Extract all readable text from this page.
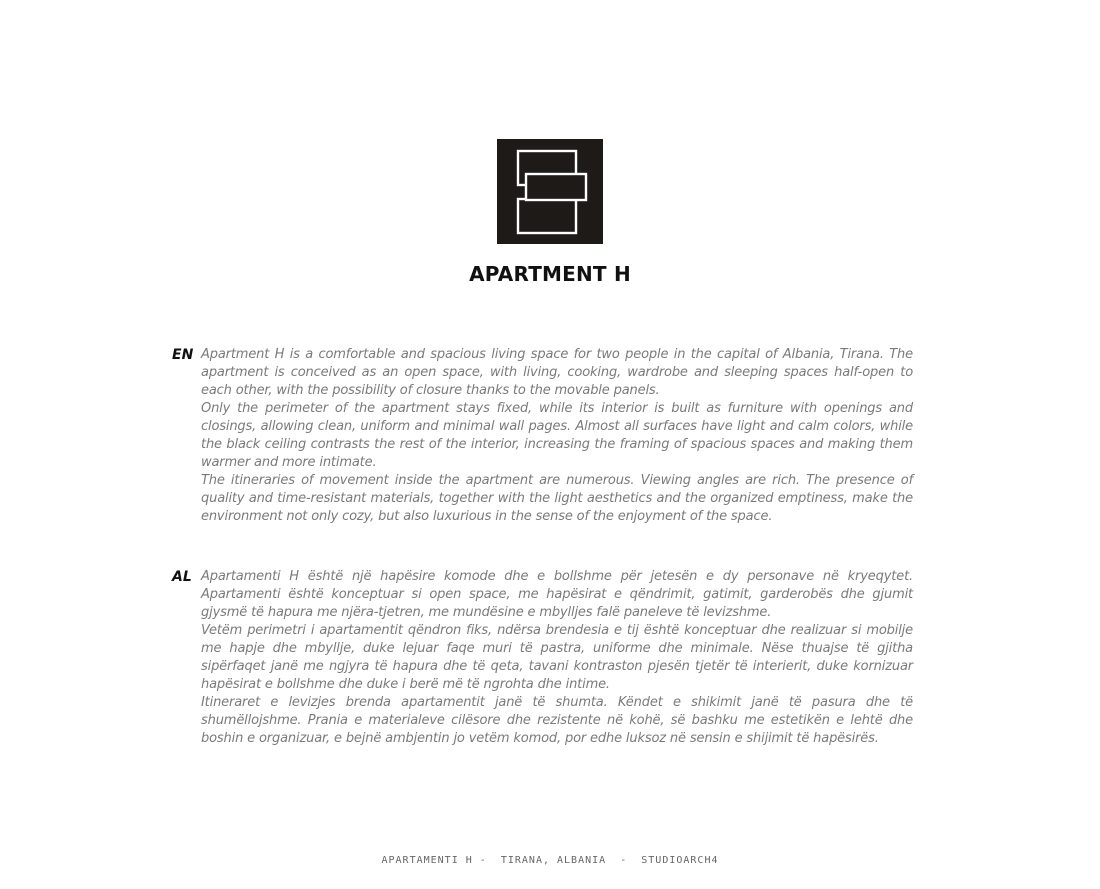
APARTMENT H
EN Apartment H is a comfortable and spacious living space for two people in the capital of Albania, Tirana. The apartment is conceived as an open space, with living, cooking, wardrobe and sleeping spaces half-open to each other, with the possibility of closure thanks to the movable panels.

Only the perimeter of the apartment stays fixed, while its interior is built as furniture with openings and closings, allowing clean, uniform and minimal wall pages. Almost all surfaces have light and calm colors, while the black ceiling contrasts the rest of the interior, increasing the framing of spacious spaces and making them warmer and more intimate.

The itineraries of movement inside the apartment are numerous. Viewing angles are rich. The presence of quality and time-resistant materials, together with the light aesthetics and the organized emptiness, make the environment not only cozy, but also luxurious in the sense of the enjoyment of the space.

AL Apartamenti H është një hapësire komode dhe e bollshme për jetesën e dy personave në kryeqytet. Apartamenti është konceptuar si open space, me hapësirat e qëndrimit, gatimit, garderobës dhe gjumit gjysmë të hapura me njëra-tjetren, me mundësine e mbylljes falë paneleve të levizshme.

Vetëm perimetri i apartamentit qëndron fiks, ndërsa brendesia e tij është konceptuar dhe realizuar si mobilje me hapje dhe mbyllje, duke lejuar faqe muri të pastra, uniforme dhe minimale. Nëse thuajse të gjitha sipërfaqet janë me ngjyra të hapura dhe të qeta, tavani kontraston pjesën tjetër të interierit, duke kornizuar hapësirat e bollshme dhe duke i berë më të ngrohta dhe intime.

Itineraret e levizjes brenda apartamentit janë të shumta. Këndet e shikimit janë të pasura dhe të shumëllojshme. Prania e materialeve cilësore dhe rezistente në kohë, së bashku me estetikën e lehtë dhe boshin e organizuar, e bejnë ambjentin jo vetëm komod, por edhe luksoz në sensin e shijimit të hapësirës.

APARTAMENTI H -  TIRANA, ALBANIA  -  STUDIOARCH4
